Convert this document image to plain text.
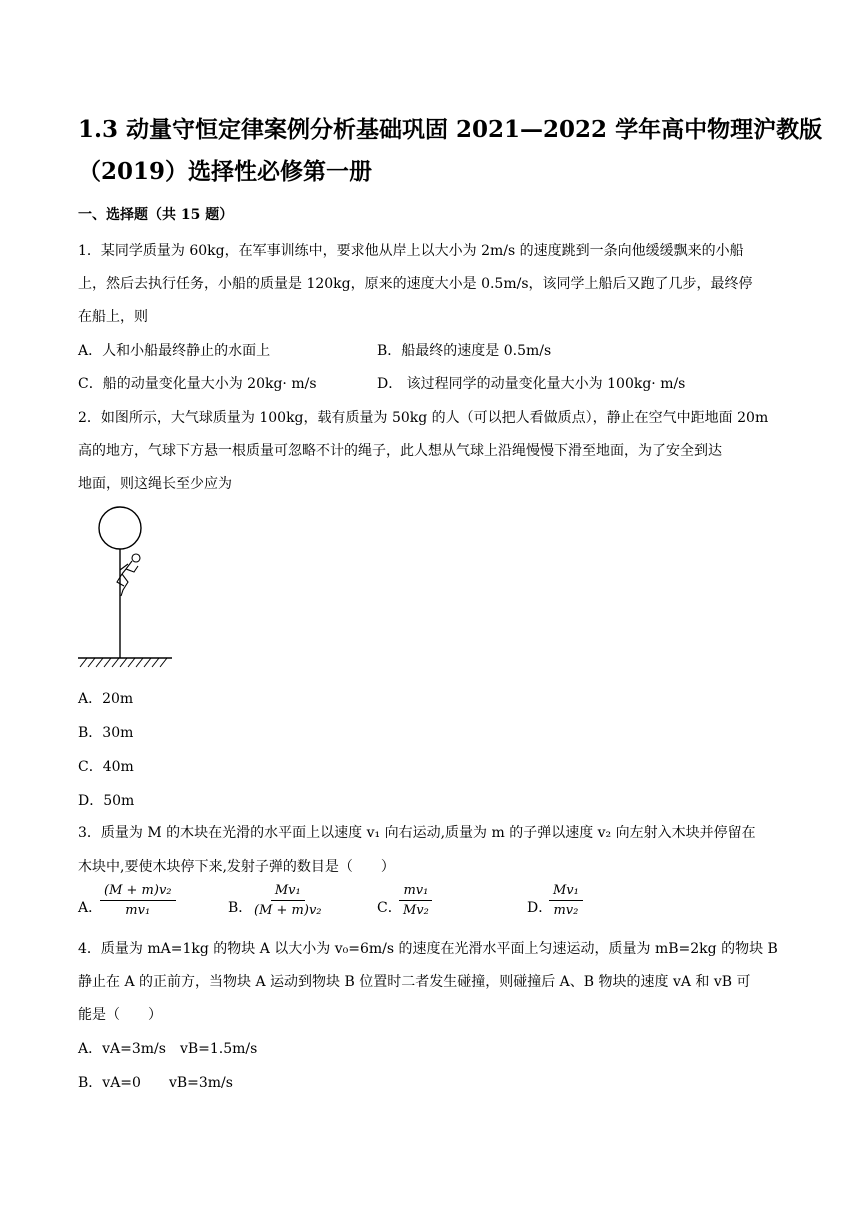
1.3 动量守恒定律案例分析基础巩固 2021—2022 学年高中物理沪教版
（2019）选择性必修第一册
一、选择题（共 15 题）
1．某同学质量为 60kg，在军事训练中，要求他从岸上以大小为 2m/s 的速度跳到一条向他缓缓飘来的小船
上，然后去执行任务，小船的质量是 120kg，原来的速度大小是 0.5m/s，该同学上船后又跑了几步，最终停
在船上，则
A．人和小船最终静止的水面上	B．船最终的速度是 0.5m/s
C．船的动量变化量大小为 20kg· m/s	D． 该过程同学的动量变化量大小为 100kg· m/s
2．如图所示，大气球质量为 100kg，载有质量为 50kg 的人（可以把人看做质点），静止在空气中距地面 20m
高的地方，气球下方悬一根质量可忽略不计的绳子，此人想从气球上沿绳慢慢下滑至地面，为了安全到达
地面，则这绳长至少应为
A．20m
B．30m
C．40m
D．50m
3．质量为 M 的木块在光滑的水平面上以速度 v₁ 向右运动,质量为 m 的子弹以速度 v₂ 向左射入木块并停留在
木块中,要使木块停下来,发射子弹的数目是（　　）
A．
$\frac{\text{(M + m)v₂}}{\text{mv₁}}$	B．
$\frac{\text{Mv₁}}{\text{(M + m)v₂}}$	C．
$\frac{\text{mv₁}}{\text{Mv₂}}$	D．
$\frac{\text{Mv₁}}{\text{mv₂}}$
4．质量为 mA=1kg 的物块 A 以大小为 v₀=6m/s 的速度在光滑水平面上匀速运动，质量为 mB=2kg 的物块 B
静止在 A 的正前方，当物块 A 运动到物块 B 位置时二者发生碰撞，则碰撞后 A、B 物块的速度 vA 和 vB 可
能是（　　）
A．vA=3m/s　vB=1.5m/s
B．vA=0　　vB=3m/s
